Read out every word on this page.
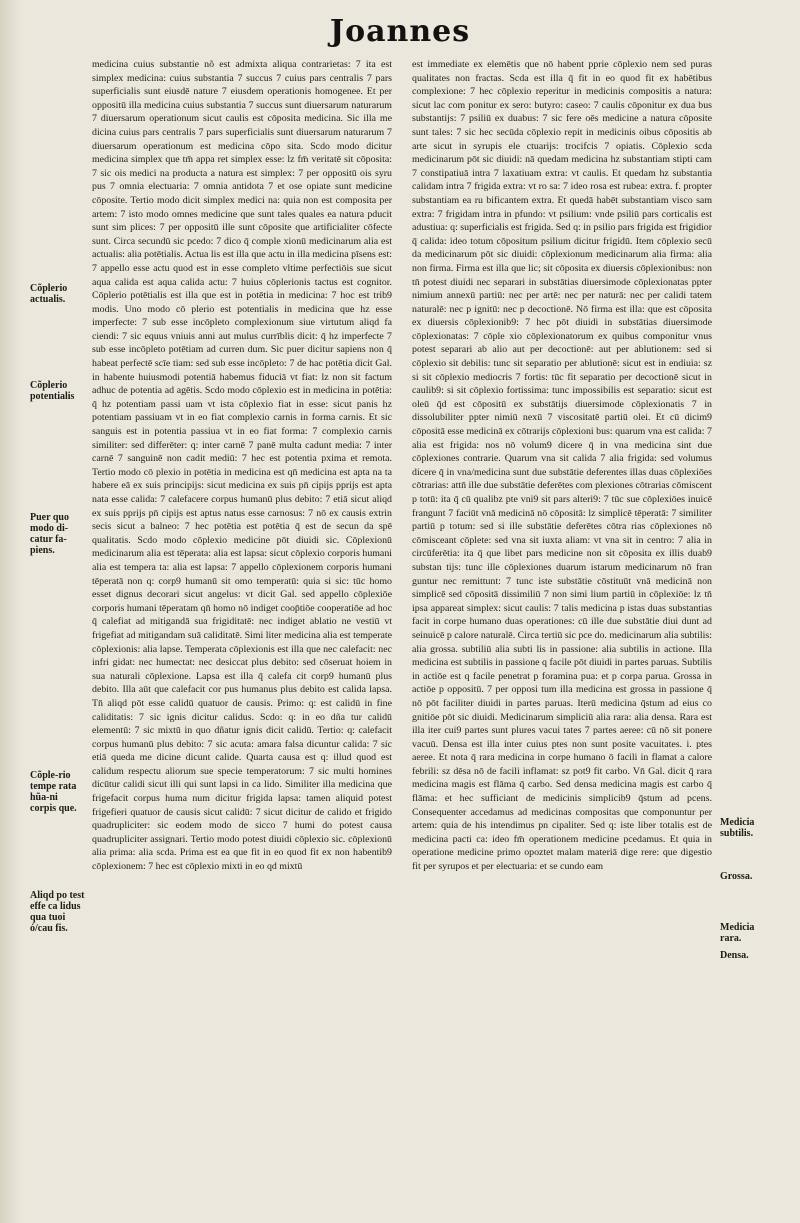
Joannes

medicina cuius substantie nõ est admixta aliqua contrarietas: 7 ita est simplex medicina: cuius substantia 7 succus 7 cuius pars centralis 7 pars superficialis sunt eiusdē nature 7 eiusdem operationis homogenee. Et per oppositū illa medicina cuius substantia 7 succus sunt diuersarum naturarum 7 diuersarum operationum sicut caulis est cōposita medicina. Sic illa me dicina cuius pars centralis 7 pars superficialis sunt diuersarum naturarum 7 diuersarum operationum est medicina cōpo sita. Scdo modo dicitur medicina simplex que tm̄ appa ret simplex esse: lz fm̄ veritatē sit cōposita: 7 sic ois medici na producta a natura est simplex: 7 per oppositū ois syru pus 7 omnia electuaria: 7 omnia antidota 7 et ose opiate sunt medicine cōposite. Tertio modo dicit simplex medici na: quia non est composita per artem: 7 isto modo omnes medicine que sunt tales quales ea natura pducit sunt sim plices: 7 per oppositū ille sunt cōposite que artificialiter cōfecte sunt. Circa secundū sic pcedo: 7 dico q̄ comple xionū medicinarum alia est actualis: alia potētialis. Actua lis est illa que actu in illa medicina pīsens est: 7 appello esse actu quod est in esse completo vltime perfectiōis sue sicut aqua calida est aqua calida actu: 7 huius cōplerionis tactus est cognitor. Cōplerio potētialis est illa que est in potētia in medicina: 7 hoc est trib9 modis. Uno modo cō plerio est potentialis in medicina que hz esse imperfecte: 7 sub esse incōpleto complexionum siue virtutum aliqd fa ciendi: 7 sic equus vniuis anni aut mulus currīblis dicit: q̄ hz imperfecte 7 sub esse incōpleto potētiam ad curren dum. Sic puer dicitur sapiens non q̄ habeat perfectē scīe tiam: sed sub esse incōpleto: 7 de hac potētia dicit Gal. in habente huiusmodi potentiā habemus fiduciā vt fiat: lz non sit factum adhuc de potentia ad agētis. Scdo modo cōplexio est in medicina in potētia: q̄ hz potentiam passi uam vt ista cōplexio fiat in esse: sicut panis hz potentiam passiuam vt in eo fiat complexio carnis in forma carnis. Et sic sanguis est in potentia passiua vt in eo fiat forma: 7 complexio carnis similiter: sed differēter: q: inter carnē 7 panē multa cadunt media: 7 inter carnē 7 sanguinē non cadit mediū: 7 hec est potentia pxima et remota. Tertio modo cō plexio in potētia in medicina est qn̄ medicina est apta na ta habere eā ex suis principijs: sicut medicina ex suis pn̄ cipijs pprijs est apta nata esse calida: 7 calefacere corpus humanū plus debito: 7 etiā sicut aliqd ex suis pprijs pn̄ cipijs est aptus natus esse carnosus: 7 nō ex causis extrin secis sicut a balneo: 7 hec potētia est potētia q̄ est de secun da spē qualitatis. Scdo modo cōplexio medicine pōt diuidi sic. Cōplexionū medicinarum alia est tēperata: alia est lapsa: sicut cōplexio corporis humani alia est tempera ta: alia est lapsa: 7 appello cōplexionem corporis humani tēperatā non q: corp9 humanū sit omo temperatū: quia si sic: tūc homo esset dignus decorari sicut angelus: vt dicit Gal. sed appello cōplexiōe corporis humani tēperatam qn̄ homo nō indiget coop̄tiōe cooperatiōe ad hoc q̄ calefiat ad mitigandā sua frigiditatē: nec indiget ablatio ne vestiū vt frigefiat ad mitigandam suā caliditatē. Simi liter medicina alia est temperate cōplexionis: alia lapse. Temperata cōplexionis est illa que nec calefacit: nec infri gidat: nec humectat: nec desiccat plus debito: sed cōseruat hoiem in sua naturali cōplexione. Lapsa est illa q̄ calefa cit corp9 humanū plus debito. Illa aūt que calefacit cor pus humanus plus debito est calida lapsa. Tn̄ aliqd pōt esse calidū quatuor de causis. Primo: q: est calidū in fine caliditatis: 7 sic ignis dicitur calidus. Scdo: q: in eo dña tur calidū elementū: 7 sic mixtū in quo dñatur ignis dicit calidū. Tertio: q: calefacit corpus humanū plus debito: 7 sic acuta: amara falsa dicuntur calida: 7 sic etiā queda me dicine dicunt calide. Quarta causa est q: illud quod est calidum respectu aliorum sue specie temperatorum: 7 sic multi homines dicūtur calidi sicut illi qui sunt lapsi in ca lido. Similiter illa medicina que frigefacit corpus huma num dicitur frigida lapsa: tamen aliquid potest frigefieri quatuor de causis sicut calidū: 7 sicut dicitur de calido et frigido quadrupliciter: sic eodem modo de sicco 7 humi do potest causa quadrupliciter assignari. Tertio modo potest diuidi cōplexio sic. cōplexionū alia prima: alia scda. Prima est ea que fit in eo quod fit ex non habentib9 cōplexionem: 7 hec est cōplexio mixti in eo qd mixtū

est immediate ex elemētis que nō habent pprie cōplexio nem sed puras qualitates non fractas. Scda est illa q̄ fit in eo quod fit ex habētibus complexione: 7 hec cōplexio reperitur in medicinis compositis a natura: sicut lac com ponitur ex sero: butyro: caseo: 7 caulis cōponitur ex dua bus substantijs: 7 psiliū ex duabus: 7 sic fere oēs medicine a natura cōposite sunt tales: 7 sic hec secūda cōplexio repit in medicinis oibus cōpositis ab arte sicut in syrupis ele ctuarijs: trocifcis 7 opiatis. Cōplexio scda medicinarum pōt sic diuidi: nā quedam medicina hz substantiam stipti cam 7 constipatiuā intra 7 laxatiuam extra: vt caulis. Et quedam hz substantia calidam intra 7 frigida extra: vt ro sa: 7 ideo rosa est rubea: extra. f. propter substantiam ea ru bificantem extra. Et quedā habēt substantiam visco sam extra: 7 frigidam intra in pfundo: vt psilium: vnde psiliū pars corticalis est adustiua: q: superficialis est frigida. Sed q: in psilio pars frigida est frigidior q̄ calida: ideo totum cōpositum psilium dicitur frigidū. Item cōplexio secū da medicinarum pōt sic diuidi: cōplexionum medicinarum alia firma: alia non firma. Firma est illa que lic; sit cōposita ex diuersis cōplexionibus: non tn̄ potest diuidi nec separari in substātias diuersimode cōplexionatas ppter nimium annexū partiū: nec per artē: nec per naturā: nec per calidi tatem naturalē: nec p ignitū: nec p decoctionē. Nō firma est illa: que est cōposita ex diuersis cōplexionib9: 7 hec pōt diuidi in substātias diuersimode cōplexionatas: 7 cōple xio cōplexionatorum ex quibus componitur vnus potest separari ab alio aut per decoctionē: aut per ablutionem: sed si cōplexio sit debilis: tunc sit separatio per ablutionē: sicut est in endiuia: sz si sit cōplexio mediocris 7 fortis: tūc fit separatio per decoctionē sicut in caulib9: si sit cōplexio fortissima: tunc impossibilis est separatio: sicut est oleū q̄d est cōpositū ex substātijs diuersimode cōplexionatis 7 in dissolubiliter ppter nimiū nexū 7 viscositatē partiū olei. Et cū dicim9 cōpositā esse medicinā ex cōtrarijs cōplexioni bus: quarum vna est calida: 7 alia est frigida: nos nō volum9 dicere q̄ in vna medicina sint due cōplexiones contrarie. Quarum vna sit calida 7 alia frigida: sed volumus dicere q̄ in vna/medicina sunt due substātie deferentes illas duas cōplexiōes cōtrarias: attn̄ ille due substātie deferētes com plexiones cōtrarias cōmiscent p totū: ita q̄ cū qualibz pte vni9 sit pars alteri9: 7 tūc sue cōplexiōes inuicē frangunt 7 faciūt vnā medicinā nō cōpositā: lz simplicē tēperatā: 7 similiter partiū p totum: sed si ille substātie deferētes cōtra rias cōplexiones nō cōmisceant cōplete: sed vna sit iuxta aliam: vt vna sit in centro: 7 alia in circūferētia: ita q̄ que libet pars medicine non sit cōposita ex illis duab9 substan tijs: tunc ille cōplexiones duarum istarum medicinarum nō fran guntur nec remittunt: 7 tunc iste substātie cōstituūt vnā medicinā non simplicē sed cōpositā dissimiliū 7 non simi lium partiū in cōplexiōe: lz tn̄ ipsa appareat simplex: sicut caulis: 7 talis medicina p istas duas substantias facit in corpe humano duas operationes: cū ille due substātie diui dunt ad seinuicē p calore naturalē. Circa tertiū sic pce do. medicinarum alia subtilis: alia grossa. subtiliū alia subti lis in passione: alia subtilis in actione. Illa medicina est subtilis in passione q facile pōt diuidi in partes paruas. Subtilis in actiōe est q facile penetrat p foramina pua: et p corpa parua. Grossa in actiōe p oppositū. 7 per opposi tum illa medicina est grossa in passione q̄ nō pōt faciliter diuidi in partes paruas. Iterū medicina q̄stum ad eius co gnitiōe pōt sic diuidi. Medicinarum simpliciū alia rara: alia densa. Rara est illa iter cui9 partes sunt plures vacui tates 7 partes aeree: cū nō sit ponere vacuū. Densa est illa inter cuius ptes non sunt posite vacuitates. i. ptes aeree. Et nota q̄ rara medicina in corpe humano ō facili in flamat a calore febrili: sz dēsa nō de facili inflamat: sz pot9 fit carbo. Vn̄ Gal. dicit q̄ rara medicina magis est flāma q̄ carbo. Sed densa medicina magis est carbo q̄ flāma: et hec sufficiant de medicinis simplicib9 q̄stum ad pcens. Consequenter accedamus ad medicinas compositas que componuntur per artem: quia de his intendimus pn cipaliter. Sed q: iste liber totalis est de medicina pacti ca: ideo fm̄ operationem medicine pcedamus. Et quia in operatione medicine primo opoztet malam materiā dige rere: que digestio fit per syrupos et per electuaria: et se cundo eam

Cõplerio actualis.
Cõplerio potentialis
Puer quo modo di-catur fa-piens.
Cõple-rio tempe rata hũa-ni corpis que.
Aliqd po test effe ca lidus qua tuoi ó/cau fis.
Medicia subtilis.
Grossa.
Medicia rara.
Densa.
